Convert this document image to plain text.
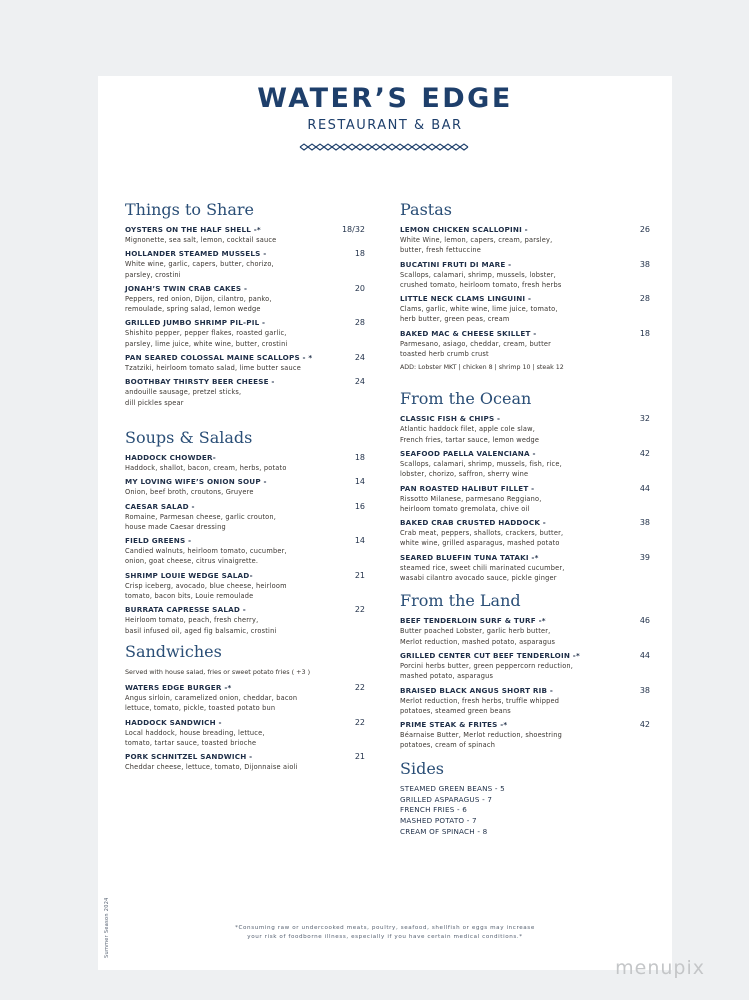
WATER’S EDGE
RESTAURANT & BAR
Things to Share
OYSTERS ON THE HALF SHELL -*	18/32
Mignonette, sea salt, lemon, cocktail sauce
HOLLANDER STEAMED MUSSELS -	18
White wine, garlic, capers, butter, chorizo,
parsley, crostini
JONAH’S TWIN CRAB CAKES -	20
Peppers, red onion, Dijon, cilantro, panko,
remoulade, spring salad, lemon wedge
GRILLED JUMBO SHRIMP PIL-PIL -	28
Shishito pepper, pepper flakes, roasted garlic,
parsley, lime juice, white wine, butter, crostini
PAN SEARED COLOSSAL MAINE SCALLOPS - *	24
Tzatziki, heirloom tomato salad, lime butter sauce
BOOTHBAY THIRSTY BEER CHEESE -	24
andouille sausage, pretzel sticks,
dill pickles spear
Soups & Salads
HADDOCK CHOWDER-	18
Haddock, shallot, bacon, cream, herbs, potato
MY LOVING WIFE’S ONION SOUP -	14
Onion, beef broth, croutons, Gruyere
CAESAR SALAD -	16
Romaine, Parmesan cheese, garlic crouton,
house made Caesar dressing
FIELD GREENS -	14
Candied walnuts, heirloom tomato, cucumber,
onion, goat cheese, citrus vinaigrette.
SHRIMP LOUIE WEDGE SALAD-	21
Crisp iceberg, avocado, blue cheese, heirloom
tomato, bacon bits, Louie remoulade
BURRATA CAPRESSE SALAD -	22
Heirloom tomato, peach, fresh cherry,
basil infused oil, aged fig balsamic, crostini
Sandwiches
Served with house salad, fries or sweet potato fries ( +3 )
WATERS EDGE BURGER -*	22
Angus sirloin, caramelized onion, cheddar, bacon
lettuce, tomato, pickle, toasted potato bun
HADDOCK SANDWICH -	22
Local haddock, house breading, lettuce,
tomato, tartar sauce, toasted brioche
PORK SCHNITZEL SANDWICH -	21
Cheddar cheese, lettuce, tomato, Dijonnaise aioli
Pastas
LEMON CHICKEN SCALLOPINI -	26
White Wine, lemon, capers, cream, parsley,
butter, fresh fettuccine
BUCATINI FRUTI DI MARE -	38
Scallops, calamari, shrimp, mussels, lobster,
crushed tomato, heirloom tomato, fresh herbs
LITTLE NECK CLAMS LINGUINI -	28
Clams, garlic, white wine, lime juice, tomato,
herb butter, green peas, cream
BAKED MAC & CHEESE SKILLET -	18
Parmesano, asiago, cheddar, cream, butter
toasted herb crumb crust
ADD: Lobster MKT | chicken 8 | shrimp 10 | steak 12
From the Ocean
CLASSIC FISH & CHIPS -	32
Atlantic haddock filet, apple cole slaw,
French fries, tartar sauce, lemon wedge
SEAFOOD PAELLA VALENCIANA -	42
Scallops, calamari, shrimp, mussels, fish, rice,
lobster, chorizo, saffron, sherry wine
PAN ROASTED HALIBUT FILLET -	44
Rissotto Milanese, parmesano Reggiano,
heirloom tomato gremolata, chive oil
BAKED CRAB CRUSTED HADDOCK -	38
Crab meat, peppers, shallots, crackers, butter,
white wine, grilled asparagus, mashed potato
SEARED BLUEFIN TUNA TATAKI -*	39
steamed rice, sweet chili marinated cucumber,
wasabi cilantro avocado sauce, pickle ginger
From the Land
BEEF TENDERLOIN SURF & TURF -*	46
Butter poached Lobster, garlic herb butter,
Merlot reduction, mashed potato, asparagus
GRILLED CENTER CUT BEEF TENDERLOIN -*	44
Porcini herbs butter, green peppercorn reduction,
mashed potato, asparagus
BRAISED BLACK ANGUS SHORT RIB -	38
Merlot reduction, fresh herbs, truffle whipped
potatoes, steamed green beans
PRIME STEAK & FRITES -*	42
Béarnaise Butter, Merlot reduction, shoestring
potatoes, cream of spinach
Sides
STEAMED GREEN BEANS - 5
GRILLED ASPARAGUS - 7
FRENCH FRIES - 6
MASHED POTATO - 7
CREAM OF SPINACH - 8
*Consuming raw or undercooked meats, poultry, seafood, shellfish or eggs may increase
your risk of foodborne illness, especially if you have certain medical conditions.*
Summer Season 2024
menupix
